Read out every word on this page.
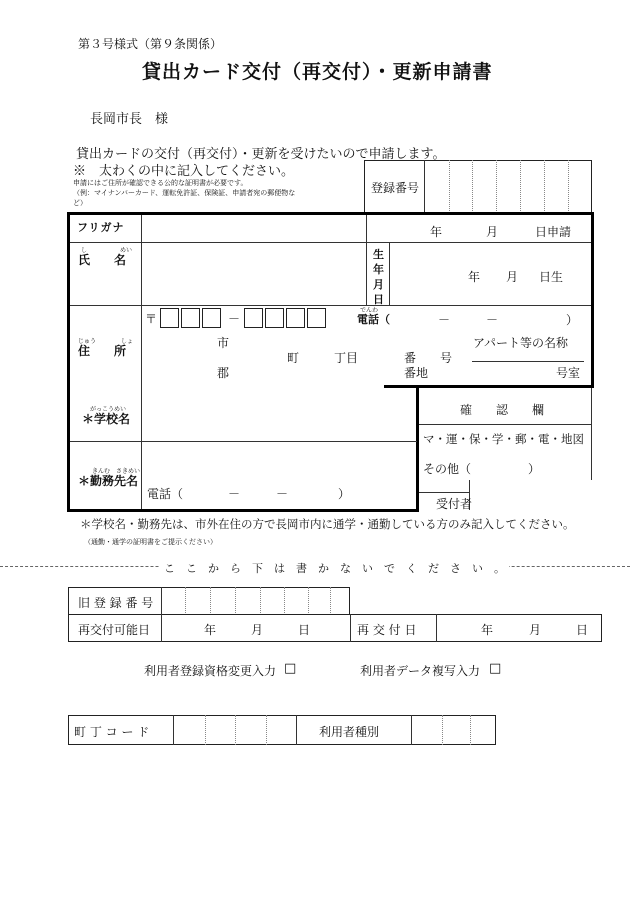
第３号様式（第９条関係）
貸出カード交付（再交付）・更新申請書
長岡市長　様
貸出カードの交付（再交付）・更新を受けたいので申請します。
※　太わくの中に記入してください。
申請にはご住所が確認できる公的な証明書が必要です。
（例：マイナンバーカード、運転免許証、保険証、申請者宛の郵便物な
ど）
登録番号
フリガナ	年	月	日申請
し	めい
氏　　名	生
年
月
日
年 月 日生
じゅう	しょ
住　　所
〒	－
でんわ
電話（	－	－	）
市
郡
町	丁目	番 号
番地
アパート等の名称
号室
がっこうめい
＊学校名
きんむ　さきめい
＊勤務先名
電話（	－	－	）
確　　認　　欄
マ・運・保・学・郵・電・地図
その他（	）
受付者
＊学校名・勤務先は、市外在住の方で長岡市内に通学・通勤している方のみ記入してください。
（通勤・通学の証明書をご提示ください）
こ　こ　か　ら　下　は　書　か　な　い　で　く　だ　さ　い　。
旧 登 録 番 号
再交付可能日	年	月	日	再 交 付 日	年	月	日
利用者登録資格変更入力 □	利用者データ複写入力 □
町 丁 コ ー ド	利用者種別
